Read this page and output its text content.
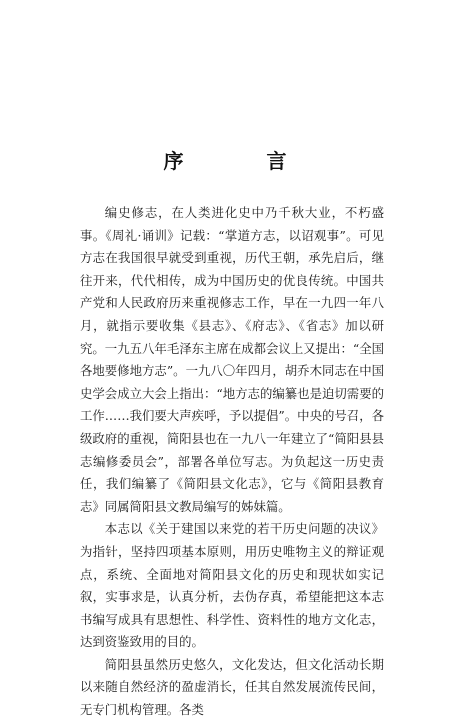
序 言

编史修志，在人类进化史中乃千秋大业，不朽盛事。《周礼·诵训》记载：“掌道方志，以诏观事”。可见方志在我国很早就受到重视，历代王朝，承先启后，继往开来，代代相传，成为中国历史的优良传统。中国共产党和人民政府历来重视修志工作，早在一九四一年八月，就指示要收集《县志》、《府志》、《省志》加以研究。一九五八年毛泽东主席在成都会议上又提出：“全国各地要修地方志”。一九八〇年四月，胡乔木同志在中国史学会成立大会上指出：“地方志的编纂也是迫切需要的工作……我们要大声疾呼，予以提倡”。中央的号召，各级政府的重视，简阳县也在一九八一年建立了“简阳县县志编修委员会”，部署各单位写志。为负起这一历史责任，我们编纂了《简阳县文化志》，它与《简阳县教育志》同属简阳县文教局编写的姊妹篇。

本志以《关于建国以来党的若干历史问题的决议》为指针，坚持四项基本原则，用历史唯物主义的辩证观点，系统、全面地对简阳县文化的历史和现状如实记叙，实事求是，认真分析，去伪存真，希望能把这本志书编写成具有思想性、科学性、资料性的地方文化志，达到资鉴致用的目的。

简阳县虽然历史悠久，文化发达，但文化活动长期以来随自然经济的盈虚消长，任其自然发展流传民间，无专门机构管理。各类
